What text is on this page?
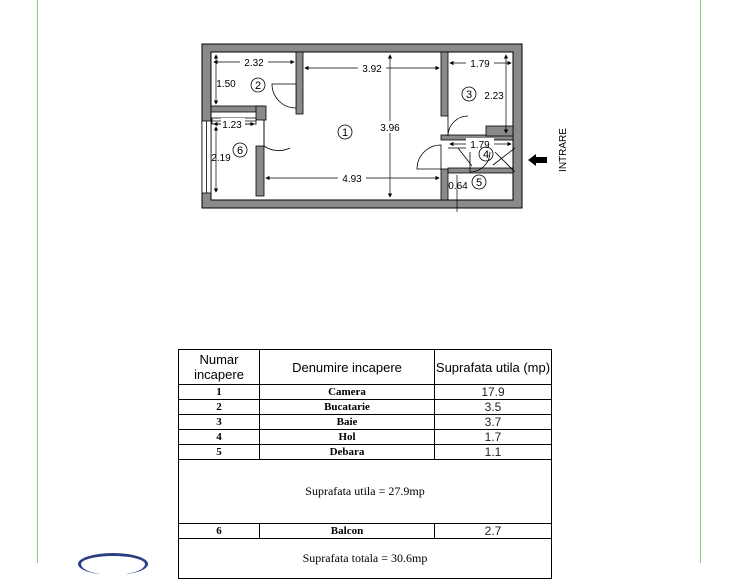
2.32
3.92	1.79
1.23
4.93
1.79
3.96
1.50
2.19
2.23
0.64
1
2
3
4
5
6	INTRARE
Numar incapere	Denumire incapere	Suprafata utila (mp)
1	Camera	17.9
2	Bucatarie	3.5
3	Baie	3.7
4	Hol	1.7
5	Debara	1.1
Suprafata utila = 27.9mp		
6	Balcon	2.7
Suprafata totala = 30.6mp		
